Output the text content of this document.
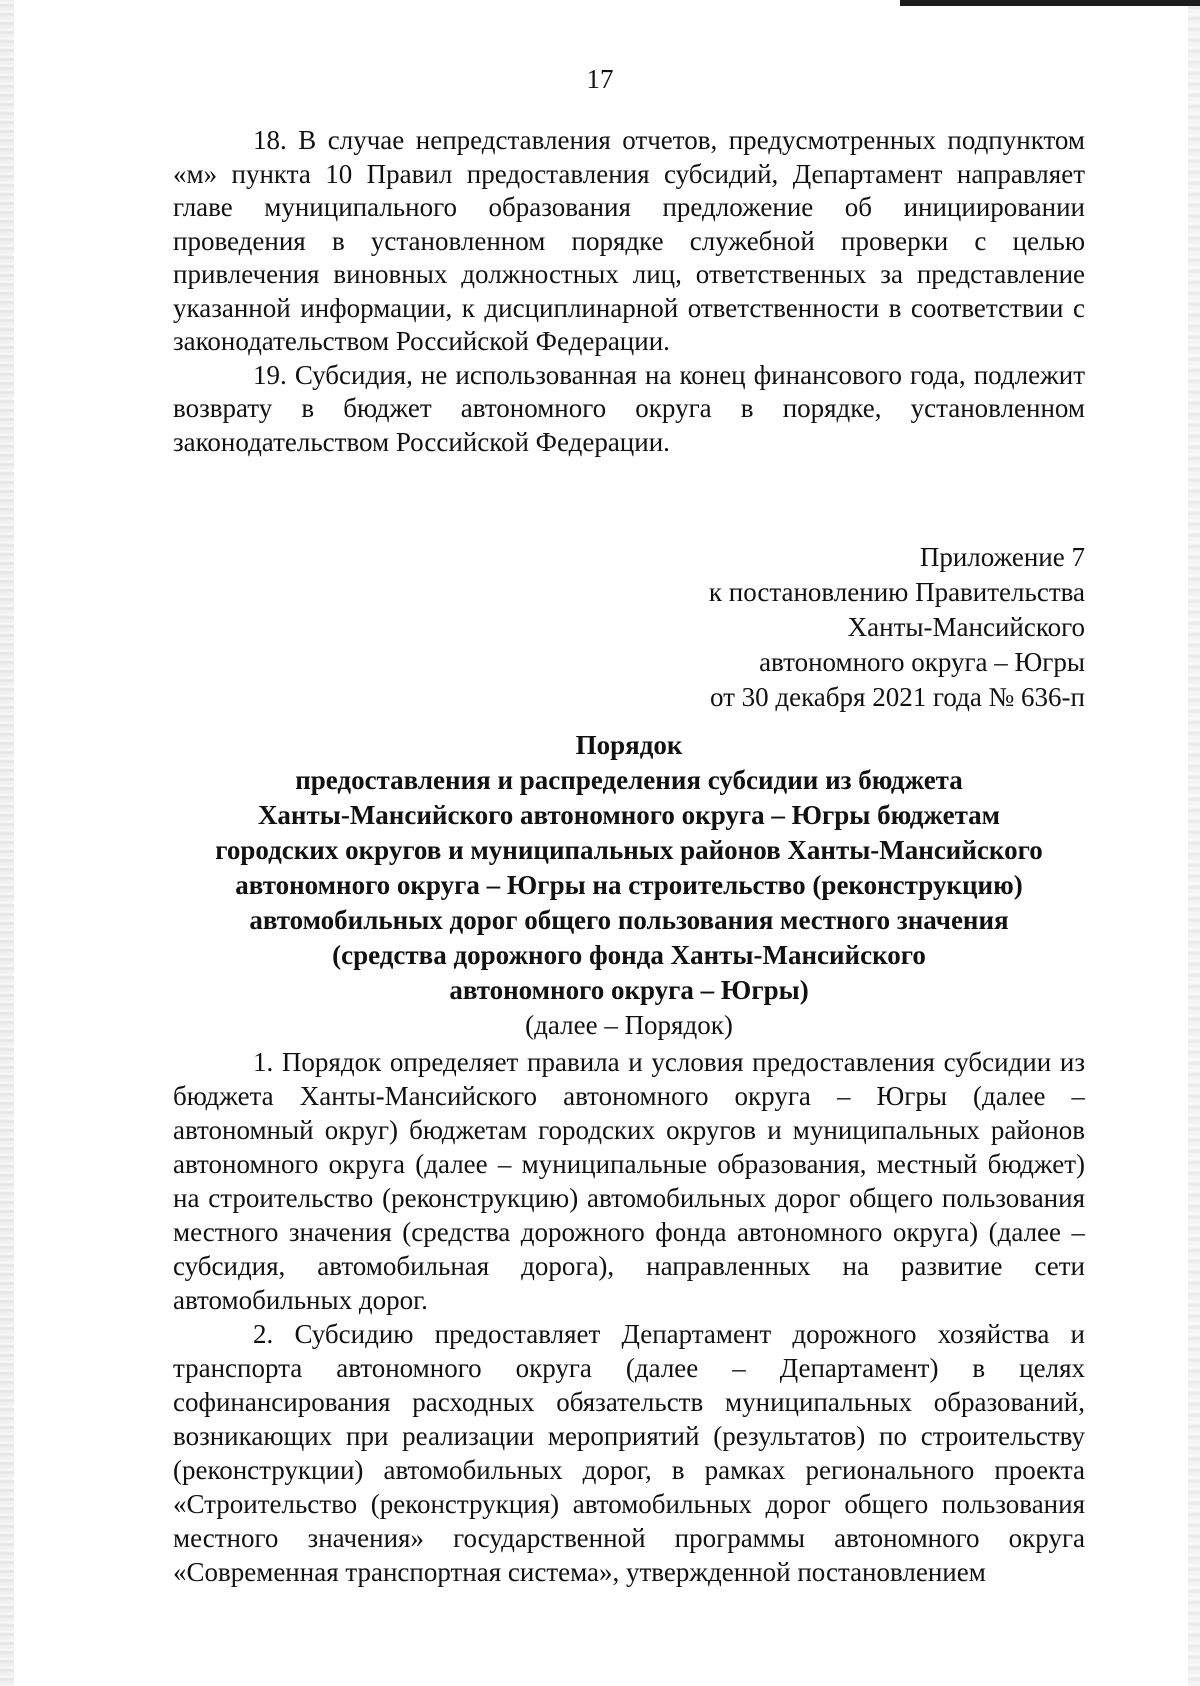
17

18. В случае непредставления отчетов, предусмотренных подпунктом «м» пункта 10 Правил предоставления субсидий, Департамент направляет главе муниципального образования предложение об инициировании проведения в установленном порядке служебной проверки с целью привлечения виновных должностных лиц, ответственных за представление указанной информации, к дисциплинарной ответственности в соответствии с законодательством Российской Федерации.

19. Субсидия, не использованная на конец финансового года, подлежит возврату в бюджет автономного округа в порядке, установленном законодательством Российской Федерации.

Приложение 7
к постановлению Правительства
Ханты-Мансийского
автономного округа – Югры
от 30 декабря 2021 года № 636-п
Порядок
предоставления и распределения субсидии из бюджета
Ханты-Мансийского автономного округа – Югры бюджетам
городских округов и муниципальных районов Ханты-Мансийского
автономного округа – Югры на строительство (реконструкцию)
автомобильных дорог общего пользования местного значения
(средства дорожного фонда Ханты-Мансийского
автономного округа – Югры)
(далее – Порядок)

1. Порядок определяет правила и условия предоставления субсидии из бюджета Ханты-Мансийского автономного округа – Югры (далее – автономный округ) бюджетам городских округов и муниципальных районов автономного округа (далее – муниципальные образования, местный бюджет) на строительство (реконструкцию) автомобильных дорог общего пользования местного значения (средства дорожного фонда автономного округа) (далее – субсидия, автомобильная дорога), направленных на развитие сети автомобильных дорог.

2. Субсидию предоставляет Департамент дорожного хозяйства и транспорта автономного округа (далее – Департамент) в целях софинансирования расходных обязательств муниципальных образований, возникающих при реализации мероприятий (результатов) по строительству (реконструкции) автомобильных дорог, в рамках регионального проекта «Строительство (реконструкция) автомобильных дорог общего пользования местного значения» государственной программы автономного округа «Современная транспортная система», утвержденной постановлением
